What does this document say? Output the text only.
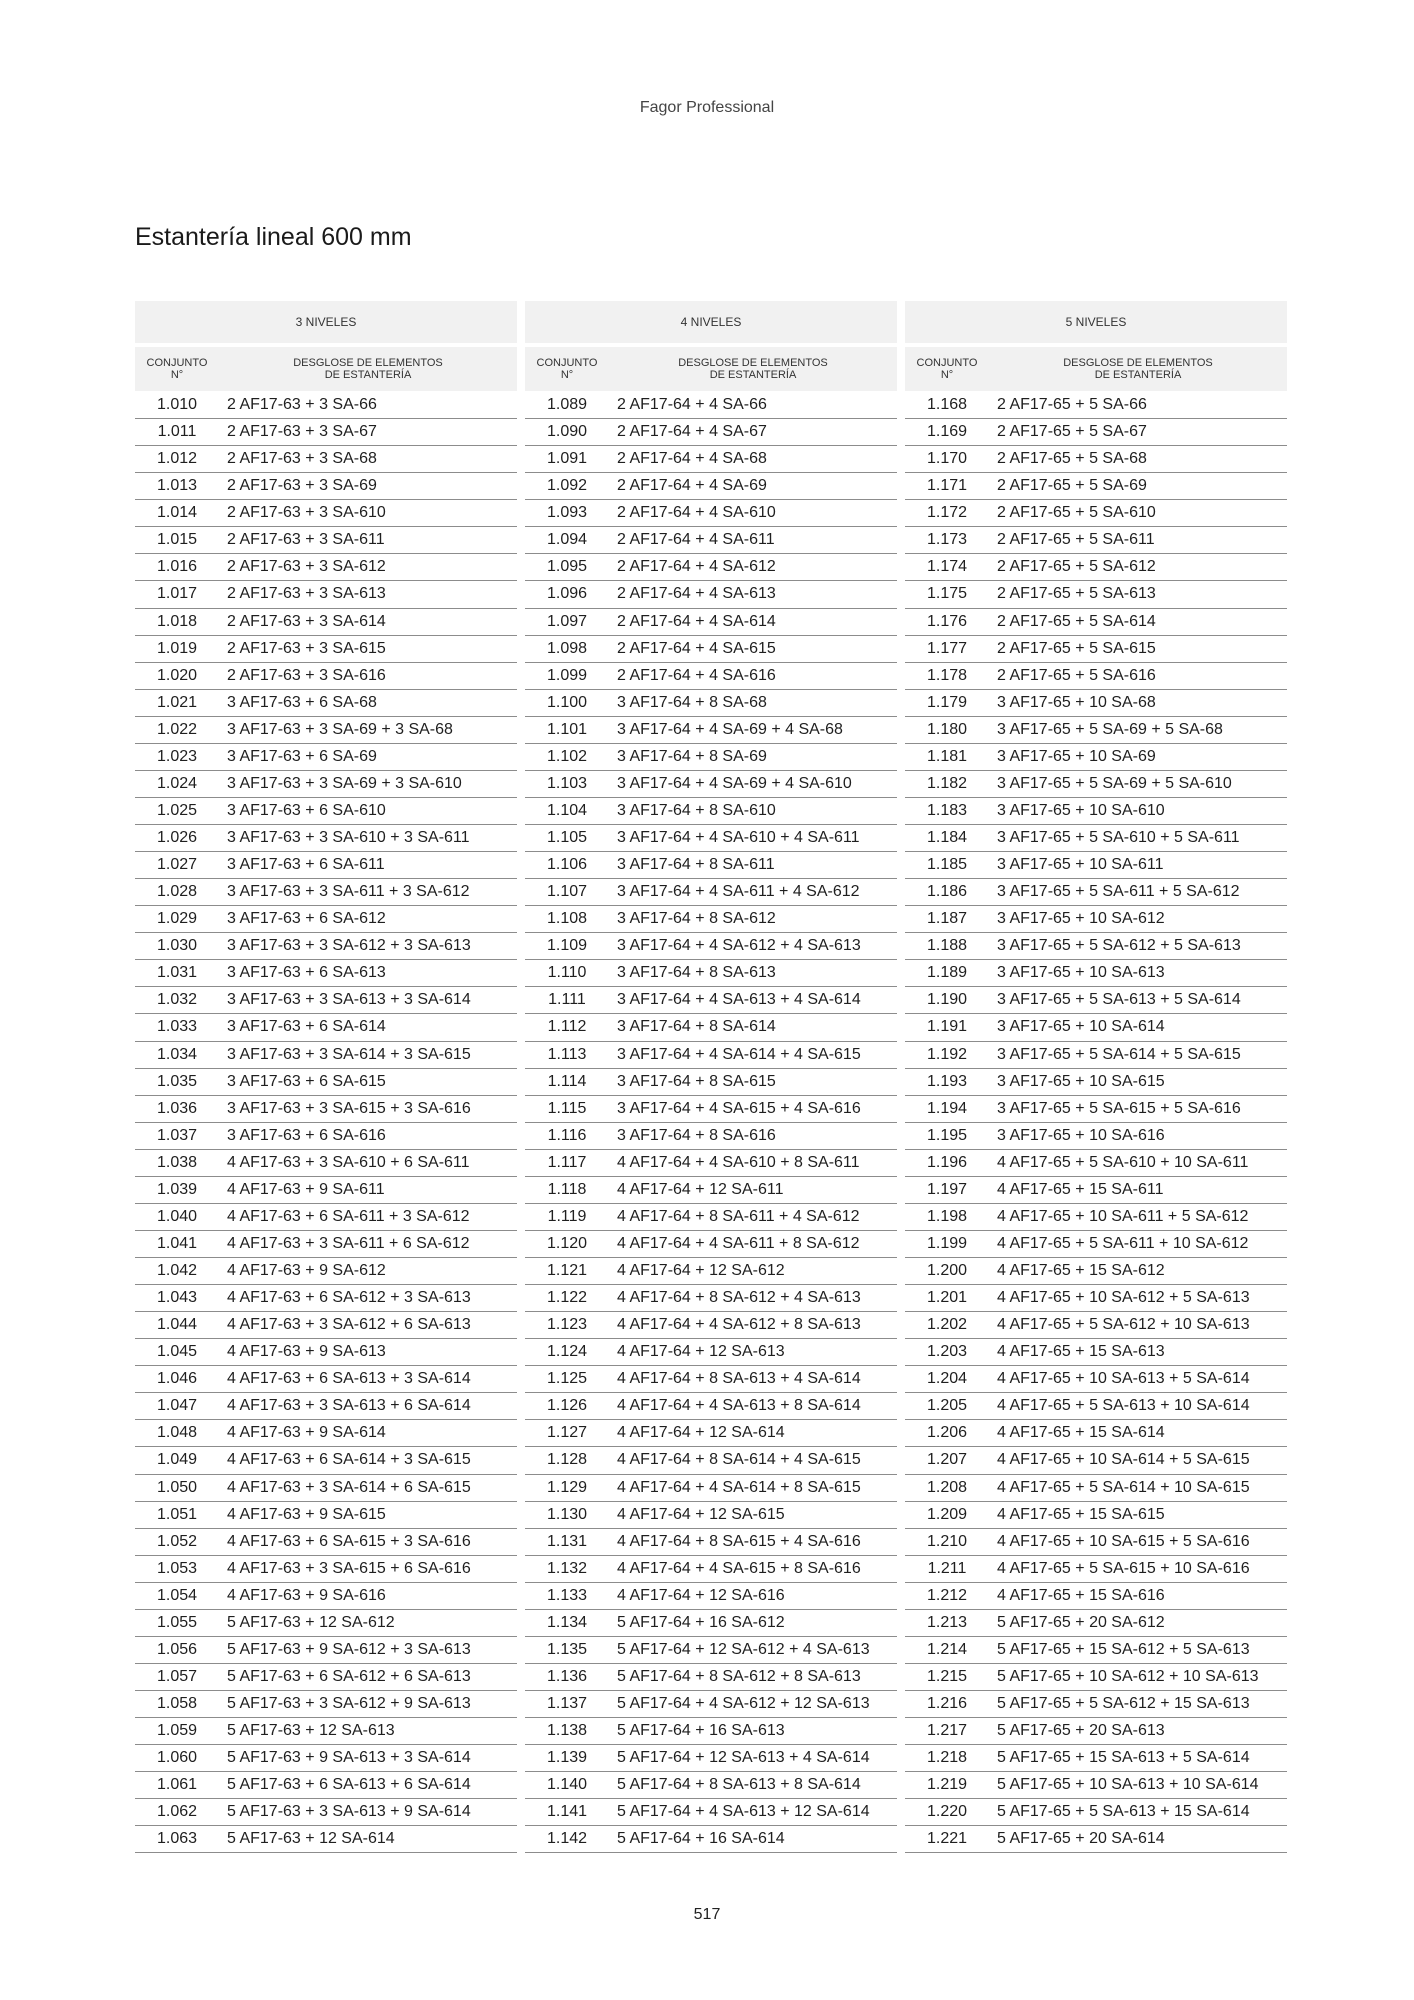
Fagor Professional
Estantería lineal 600 mm
3 NIVELES
CONJUNTO
N°
DESGLOSE DE ELEMENTOS
DE ESTANTERÍA
1.010	2 AF17-63 + 3 SA-66
1.011	2 AF17-63 + 3 SA-67
1.012	2 AF17-63 + 3 SA-68
1.013	2 AF17-63 + 3 SA-69
1.014	2 AF17-63 + 3 SA-610
1.015	2 AF17-63 + 3 SA-611
1.016	2 AF17-63 + 3 SA-612
1.017	2 AF17-63 + 3 SA-613
1.018	2 AF17-63 + 3 SA-614
1.019	2 AF17-63 + 3 SA-615
1.020	2 AF17-63 + 3 SA-616
1.021	3 AF17-63 + 6 SA-68
1.022	3 AF17-63 + 3 SA-69 + 3 SA-68
1.023	3 AF17-63 + 6 SA-69
1.024	3 AF17-63 + 3 SA-69 + 3 SA-610
1.025	3 AF17-63 + 6 SA-610
1.026	3 AF17-63 + 3 SA-610 + 3 SA-611
1.027	3 AF17-63 + 6 SA-611
1.028	3 AF17-63 + 3 SA-611 + 3 SA-612
1.029	3 AF17-63 + 6 SA-612
1.030	3 AF17-63 + 3 SA-612 + 3 SA-613
1.031	3 AF17-63 + 6 SA-613
1.032	3 AF17-63 + 3 SA-613 + 3 SA-614
1.033	3 AF17-63 + 6 SA-614
1.034	3 AF17-63 + 3 SA-614 + 3 SA-615
1.035	3 AF17-63 + 6 SA-615
1.036	3 AF17-63 + 3 SA-615 + 3 SA-616
1.037	3 AF17-63 + 6 SA-616
1.038	4 AF17-63 + 3 SA-610 + 6 SA-611
1.039	4 AF17-63 + 9 SA-611
1.040	4 AF17-63 + 6 SA-611 + 3 SA-612
1.041	4 AF17-63 + 3 SA-611 + 6 SA-612
1.042	4 AF17-63 + 9 SA-612
1.043	4 AF17-63 + 6 SA-612 + 3 SA-613
1.044	4 AF17-63 + 3 SA-612 + 6 SA-613
1.045	4 AF17-63 + 9 SA-613
1.046	4 AF17-63 + 6 SA-613 + 3 SA-614
1.047	4 AF17-63 + 3 SA-613 + 6 SA-614
1.048	4 AF17-63 + 9 SA-614
1.049	4 AF17-63 + 6 SA-614 + 3 SA-615
1.050	4 AF17-63 + 3 SA-614 + 6 SA-615
1.051	4 AF17-63 + 9 SA-615
1.052	4 AF17-63 + 6 SA-615 + 3 SA-616
1.053	4 AF17-63 + 3 SA-615 + 6 SA-616
1.054	4 AF17-63 + 9 SA-616
1.055	5 AF17-63 + 12 SA-612
1.056	5 AF17-63 + 9 SA-612 + 3 SA-613
1.057	5 AF17-63 + 6 SA-612 + 6 SA-613
1.058	5 AF17-63 + 3 SA-612 + 9 SA-613
1.059	5 AF17-63 + 12 SA-613
1.060	5 AF17-63 + 9 SA-613 + 3 SA-614
1.061	5 AF17-63 + 6 SA-613 + 6 SA-614
1.062	5 AF17-63 + 3 SA-613 + 9 SA-614
1.063	5 AF17-63 + 12 SA-614
4 NIVELES
CONJUNTO
N°
DESGLOSE DE ELEMENTOS
DE ESTANTERÍA
1.089	2 AF17-64 + 4 SA-66
1.090	2 AF17-64 + 4 SA-67
1.091	2 AF17-64 + 4 SA-68
1.092	2 AF17-64 + 4 SA-69
1.093	2 AF17-64 + 4 SA-610
1.094	2 AF17-64 + 4 SA-611
1.095	2 AF17-64 + 4 SA-612
1.096	2 AF17-64 + 4 SA-613
1.097	2 AF17-64 + 4 SA-614
1.098	2 AF17-64 + 4 SA-615
1.099	2 AF17-64 + 4 SA-616
1.100	3 AF17-64 + 8 SA-68
1.101	3 AF17-64 + 4 SA-69 + 4 SA-68
1.102	3 AF17-64 + 8 SA-69
1.103	3 AF17-64 + 4 SA-69 + 4 SA-610
1.104	3 AF17-64 + 8 SA-610
1.105	3 AF17-64 + 4 SA-610 + 4 SA-611
1.106	3 AF17-64 + 8 SA-611
1.107	3 AF17-64 + 4 SA-611 + 4 SA-612
1.108	3 AF17-64 + 8 SA-612
1.109	3 AF17-64 + 4 SA-612 + 4 SA-613
1.110	3 AF17-64 + 8 SA-613
1.111	3 AF17-64 + 4 SA-613 + 4 SA-614
1.112	3 AF17-64 + 8 SA-614
1.113	3 AF17-64 + 4 SA-614 + 4 SA-615
1.114	3 AF17-64 + 8 SA-615
1.115	3 AF17-64 + 4 SA-615 + 4 SA-616
1.116	3 AF17-64 + 8 SA-616
1.117	4 AF17-64 + 4 SA-610 + 8 SA-611
1.118	4 AF17-64 + 12 SA-611
1.119	4 AF17-64 + 8 SA-611 + 4 SA-612
1.120	4 AF17-64 + 4 SA-611 + 8 SA-612
1.121	4 AF17-64 + 12 SA-612
1.122	4 AF17-64 + 8 SA-612 + 4 SA-613
1.123	4 AF17-64 + 4 SA-612 + 8 SA-613
1.124	4 AF17-64 + 12 SA-613
1.125	4 AF17-64 + 8 SA-613 + 4 SA-614
1.126	4 AF17-64 + 4 SA-613 + 8 SA-614
1.127	4 AF17-64 + 12 SA-614
1.128	4 AF17-64 + 8 SA-614 + 4 SA-615
1.129	4 AF17-64 + 4 SA-614 + 8 SA-615
1.130	4 AF17-64 + 12 SA-615
1.131	4 AF17-64 + 8 SA-615 + 4 SA-616
1.132	4 AF17-64 + 4 SA-615 + 8 SA-616
1.133	4 AF17-64 + 12 SA-616
1.134	5 AF17-64 + 16 SA-612
1.135	5 AF17-64 + 12 SA-612 + 4 SA-613
1.136	5 AF17-64 + 8 SA-612 + 8 SA-613
1.137	5 AF17-64 + 4 SA-612 + 12 SA-613
1.138	5 AF17-64 + 16 SA-613
1.139	5 AF17-64 + 12 SA-613 + 4 SA-614
1.140	5 AF17-64 + 8 SA-613 + 8 SA-614
1.141	5 AF17-64 + 4 SA-613 + 12 SA-614
1.142	5 AF17-64 + 16 SA-614
5 NIVELES
CONJUNTO
N°
DESGLOSE DE ELEMENTOS
DE ESTANTERÍA
1.168	2 AF17-65 + 5 SA-66
1.169	2 AF17-65 + 5 SA-67
1.170	2 AF17-65 + 5 SA-68
1.171	2 AF17-65 + 5 SA-69
1.172	2 AF17-65 + 5 SA-610
1.173	2 AF17-65 + 5 SA-611
1.174	2 AF17-65 + 5 SA-612
1.175	2 AF17-65 + 5 SA-613
1.176	2 AF17-65 + 5 SA-614
1.177	2 AF17-65 + 5 SA-615
1.178	2 AF17-65 + 5 SA-616
1.179	3 AF17-65 + 10 SA-68
1.180	3 AF17-65 + 5 SA-69 + 5 SA-68
1.181	3 AF17-65 + 10 SA-69
1.182	3 AF17-65 + 5 SA-69 + 5 SA-610
1.183	3 AF17-65 + 10 SA-610
1.184	3 AF17-65 + 5 SA-610 + 5 SA-611
1.185	3 AF17-65 + 10 SA-611
1.186	3 AF17-65 + 5 SA-611 + 5 SA-612
1.187	3 AF17-65 + 10 SA-612
1.188	3 AF17-65 + 5 SA-612 + 5 SA-613
1.189	3 AF17-65 + 10 SA-613
1.190	3 AF17-65 + 5 SA-613 + 5 SA-614
1.191	3 AF17-65 + 10 SA-614
1.192	3 AF17-65 + 5 SA-614 + 5 SA-615
1.193	3 AF17-65 + 10 SA-615
1.194	3 AF17-65 + 5 SA-615 + 5 SA-616
1.195	3 AF17-65 + 10 SA-616
1.196	4 AF17-65 + 5 SA-610 + 10 SA-611
1.197	4 AF17-65 + 15 SA-611
1.198	4 AF17-65 + 10 SA-611 + 5 SA-612
1.199	4 AF17-65 + 5 SA-611 + 10 SA-612
1.200	4 AF17-65 + 15 SA-612
1.201	4 AF17-65 + 10 SA-612 + 5 SA-613
1.202	4 AF17-65 + 5 SA-612 + 10 SA-613
1.203	4 AF17-65 + 15 SA-613
1.204	4 AF17-65 + 10 SA-613 + 5 SA-614
1.205	4 AF17-65 + 5 SA-613 + 10 SA-614
1.206	4 AF17-65 + 15 SA-614
1.207	4 AF17-65 + 10 SA-614 + 5 SA-615
1.208	4 AF17-65 + 5 SA-614 + 10 SA-615
1.209	4 AF17-65 + 15 SA-615
1.210	4 AF17-65 + 10 SA-615 + 5 SA-616
1.211	4 AF17-65 + 5 SA-615 + 10 SA-616
1.212	4 AF17-65 + 15 SA-616
1.213	5 AF17-65 + 20 SA-612
1.214	5 AF17-65 + 15 SA-612 + 5 SA-613
1.215	5 AF17-65 + 10 SA-612 + 10 SA-613
1.216	5 AF17-65 + 5 SA-612 + 15 SA-613
1.217	5 AF17-65 + 20 SA-613
1.218	5 AF17-65 + 15 SA-613 + 5 SA-614
1.219	5 AF17-65 + 10 SA-613 + 10 SA-614
1.220	5 AF17-65 + 5 SA-613 + 15 SA-614
1.221	5 AF17-65 + 20 SA-614
517
